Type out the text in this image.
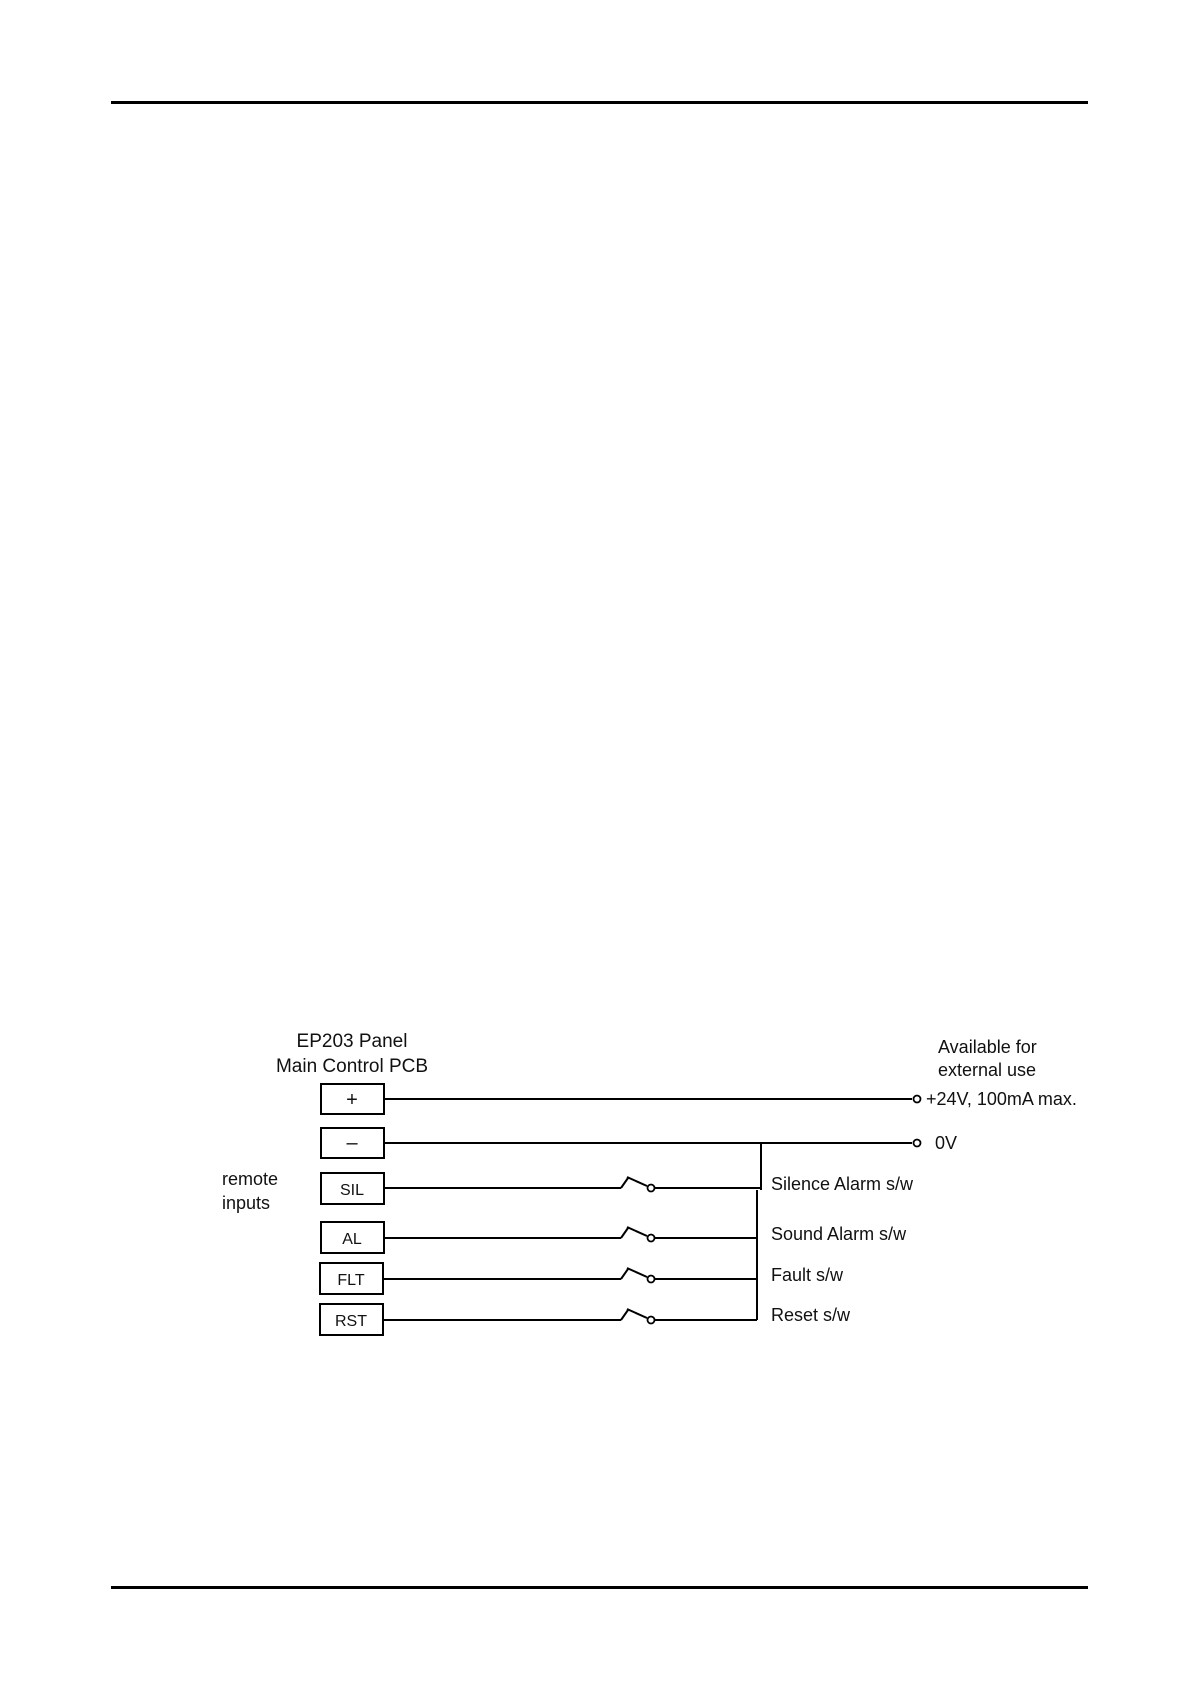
EP203 Panel
Main Control PCB
Available for
external use
remote
inputs
+
–
SIL
AL
FLT
RST
+24V, 100mA max.
0V
Silence Alarm s/w
Sound Alarm s/w
Fault s/w
Reset s/w
